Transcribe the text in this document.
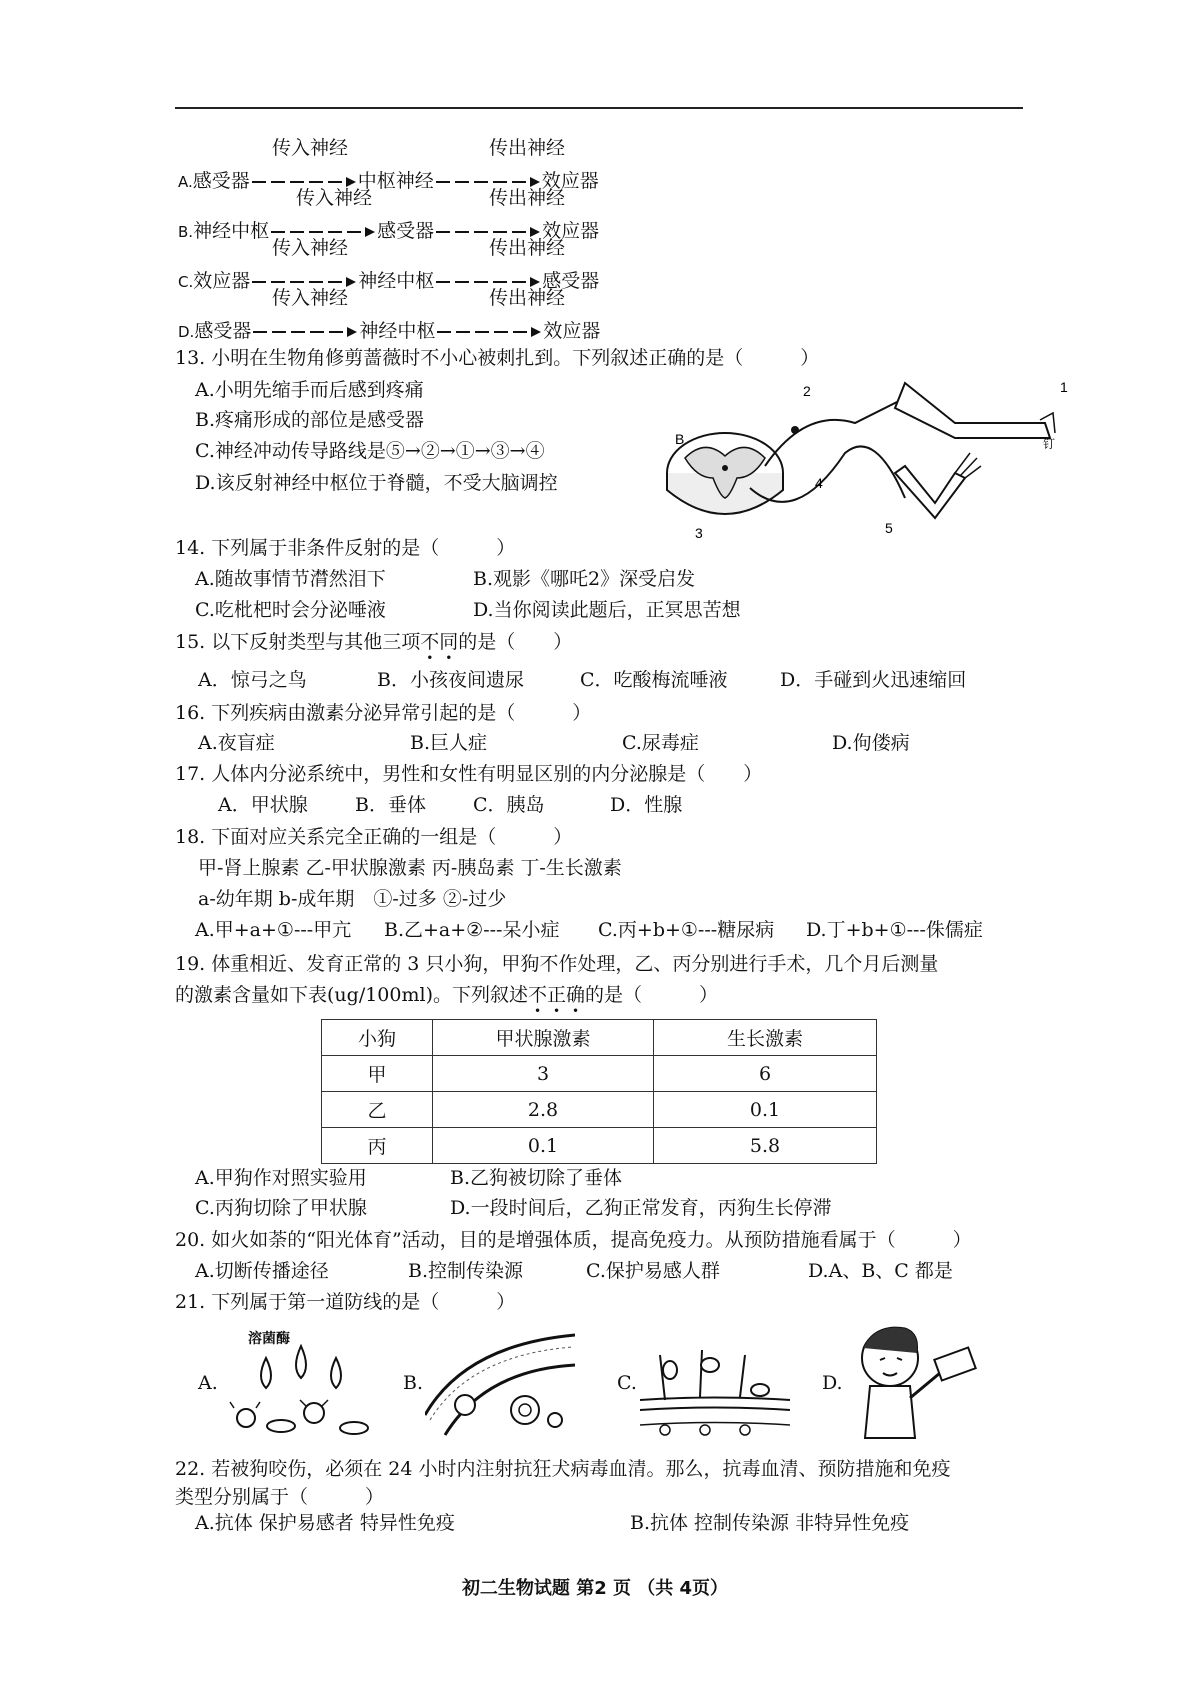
传入神经	传出神经
A.感受器	中枢神经	效应器
传入神经	传出神经
B.神经中枢	感受器	效应器
传入神经	传出神经
C.效应器	神经中枢	感受器
传入神经	传出神经
D.感受器	神经中枢	效应器
13. 小明在生物角修剪蔷薇时不小心被刺扎到。下列叙述正确的是（　　　）
A.小明先缩手而后感到疼痛
B.疼痛形成的部位是感受器
C.神经冲动传导路线是⑤→②→①→③→④
D.该反射神经中枢位于脊髓，不受大脑调控
1
2
3
4
5
B	钉
14. 下列属于非条件反射的是（　　　）
A.随故事情节潸然泪下	B.观影《哪吒2》深受启发
C.吃枇杷时会分泌唾液	D.当你阅读此题后，正冥思苦想
15. 以下反射类型与其他三项不同的是（　　）
A．惊弓之鸟	B．小孩夜间遗尿	C．吃酸梅流唾液	D．手碰到火迅速缩回
16. 下列疾病由激素分泌异常引起的是（　　　）
A.夜盲症	B.巨人症	C.尿毒症	D.佝偻病
17. 人体内分泌系统中，男性和女性有明显区别的内分泌腺是（　　）
A．甲状腺 B．垂体 C．胰岛	D．性腺
18. 下面对应关系完全正确的一组是（　　　）
甲-肾上腺素 乙-甲状腺激素 丙-胰岛素 丁-生长激素
a-幼年期 b-成年期　①-过多 ②-过少
A.甲+a+①---甲亢 B.乙+a+②---呆小症 C.丙+b+①---糖尿病 D.丁+b+①---侏儒症
19. 体重相近、发育正常的 3 只小狗，甲狗不作处理，乙、丙分别进行手术，几个月后测量
的激素含量如下表(ug/100ml)。下列叙述不正确的是（　　　）
小狗	甲状腺激素	生长激素
甲	3	6
乙	2.8	0.1
丙	0.1	5.8
A.甲狗作对照实验用	B.乙狗被切除了垂体
C.丙狗切除了甲状腺	D.一段时间后，乙狗正常发育，丙狗生长停滞
20. 如火如荼的“阳光体育”活动，目的是增强体质，提高免疫力。从预防措施看属于（　　　）
A.切断传播途径	B.控制传染源	C.保护易感人群	D.A、B、C 都是
21. 下列属于第一道防线的是（　　　）
A.
溶菌酶
B.	C.	D.
22. 若被狗咬伤，必须在 24 小时内注射抗狂犬病毒血清。那么，抗毒血清、预防措施和免疫
类型分别属于（　　　）
A.抗体 保护易感者 特异性免疫	B.抗体 控制传染源 非特异性免疫
初二生物试题 第2 页 （共 4页）
